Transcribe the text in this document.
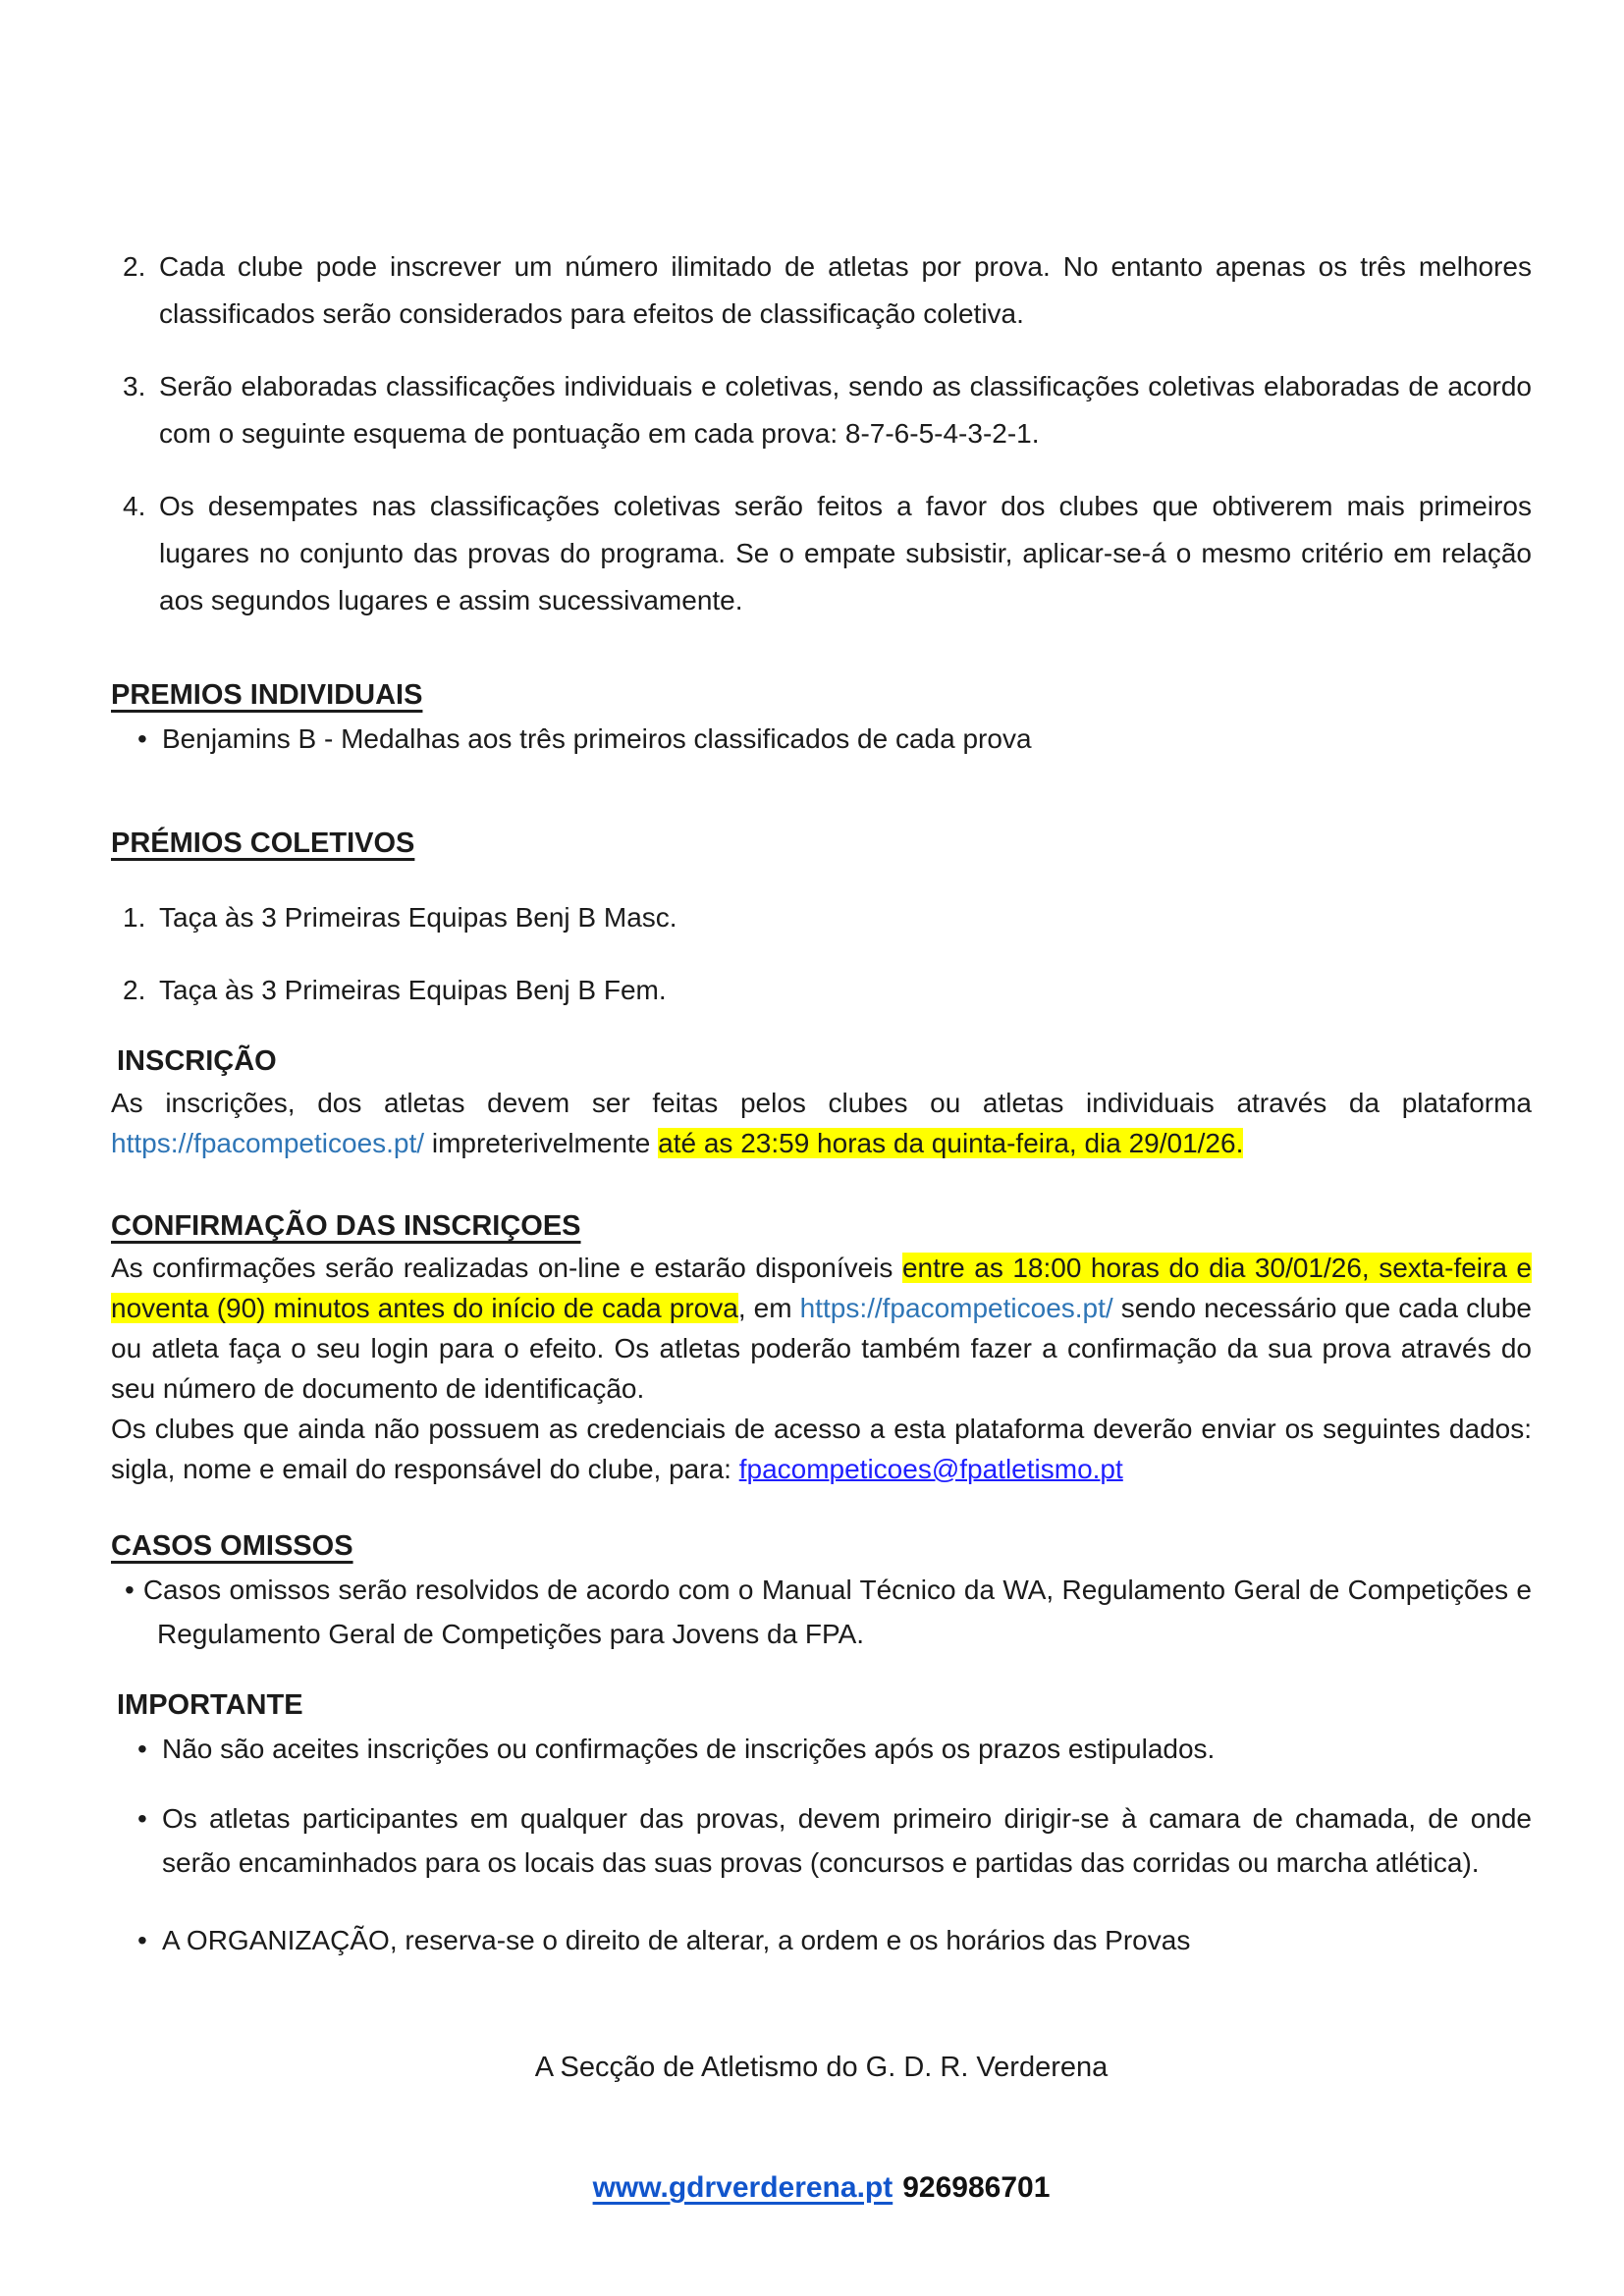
2. Cada clube pode inscrever um número ilimitado de atletas por prova. No entanto apenas os três melhores classificados serão considerados para efeitos de classificação coletiva.
3. Serão elaboradas classificações individuais e coletivas, sendo as classificações coletivas elaboradas de acordo com o seguinte esquema de pontuação em cada prova: 8-7-6-5-4-3-2-1.
4. Os desempates nas classificações coletivas serão feitos a favor dos clubes que obtiverem mais primeiros lugares no conjunto das provas do programa. Se o empate subsistir, aplicar-se-á o mesmo critério em relação aos segundos lugares e assim sucessivamente.
PREMIOS INDIVIDUAIS
• Benjamins B - Medalhas aos três primeiros classificados de cada prova
PRÉMIOS COLETIVOS
1. Taça às 3 Primeiras Equipas Benj B Masc.
2. Taça às 3 Primeiras Equipas Benj B Fem.
INSCRIÇÃO
As inscrições, dos atletas devem ser feitas pelos clubes ou atletas individuais através da plataforma https://fpacompeticoes.pt/ impreterivelmente até as 23:59 horas da quinta-feira, dia 29/01/26.
CONFIRMAÇÃO DAS INSCRIÇOES
As confirmações serão realizadas on-line e estarão disponíveis entre as 18:00 horas do dia 30/01/26, sexta-feira e noventa (90) minutos antes do início de cada prova, em https://fpacompeticoes.pt/ sendo necessário que cada clube ou atleta faça o seu login para o efeito. Os atletas poderão também fazer a confirmação da sua prova através do seu número de documento de identificação.
Os clubes que ainda não possuem as credenciais de acesso a esta plataforma deverão enviar os seguintes dados: sigla, nome e email do responsável do clube, para: fpacompeticoes@fpatletismo.pt
CASOS OMISSOS
• Casos omissos serão resolvidos de acordo com o Manual Técnico da WA, Regulamento Geral de Competições e Regulamento Geral de Competições para Jovens da FPA.
IMPORTANTE
• Não são aceites inscrições ou confirmações de inscrições após os prazos estipulados.
• Os atletas participantes em qualquer das provas, devem primeiro dirigir-se à camara de chamada, de onde serão encaminhados para os locais das suas provas (concursos e partidas das corridas ou marcha atlética).
• A ORGANIZAÇÃO, reserva-se o direito de alterar, a ordem e os horários das Provas
A Secção de Atletismo do G. D. R. Verderena
www.gdrverderena.pt 926986701
